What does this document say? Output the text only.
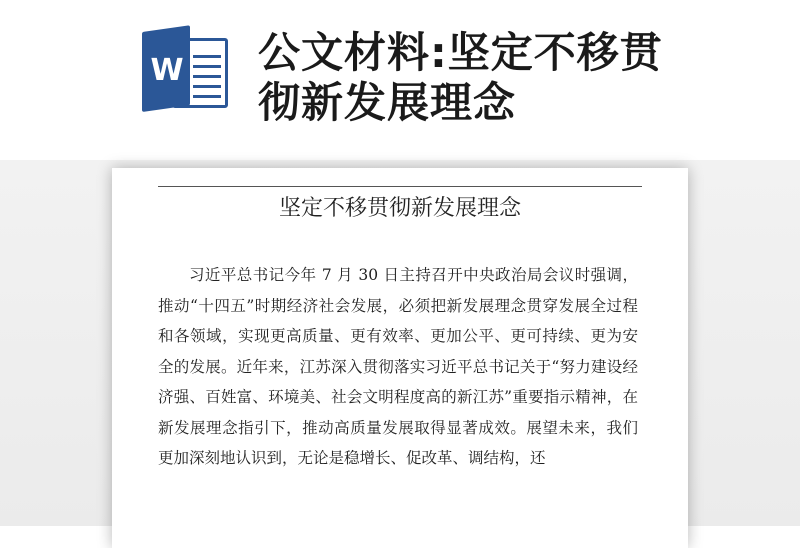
W 公文材料:坚定不移贯彻新发展理念
坚定不移贯彻新发展理念

习近平总书记今年 7 月 30 日主持召开中央政治局会议时强调，推动“十四五”时期经济社会发展，必须把新发展理念贯穿发展全过程和各领域，实现更高质量、更有效率、更加公平、更可持续、更为安全的发展。近年来，江苏深入贯彻落实习近平总书记关于“努力建设经济强、百姓富、环境美、社会文明程度高的新江苏”重要指示精神，在新发展理念指引下，推动高质量发展取得显著成效。展望未来，我们更加深刻地认识到，无论是稳增长、促改革、调结构，还
